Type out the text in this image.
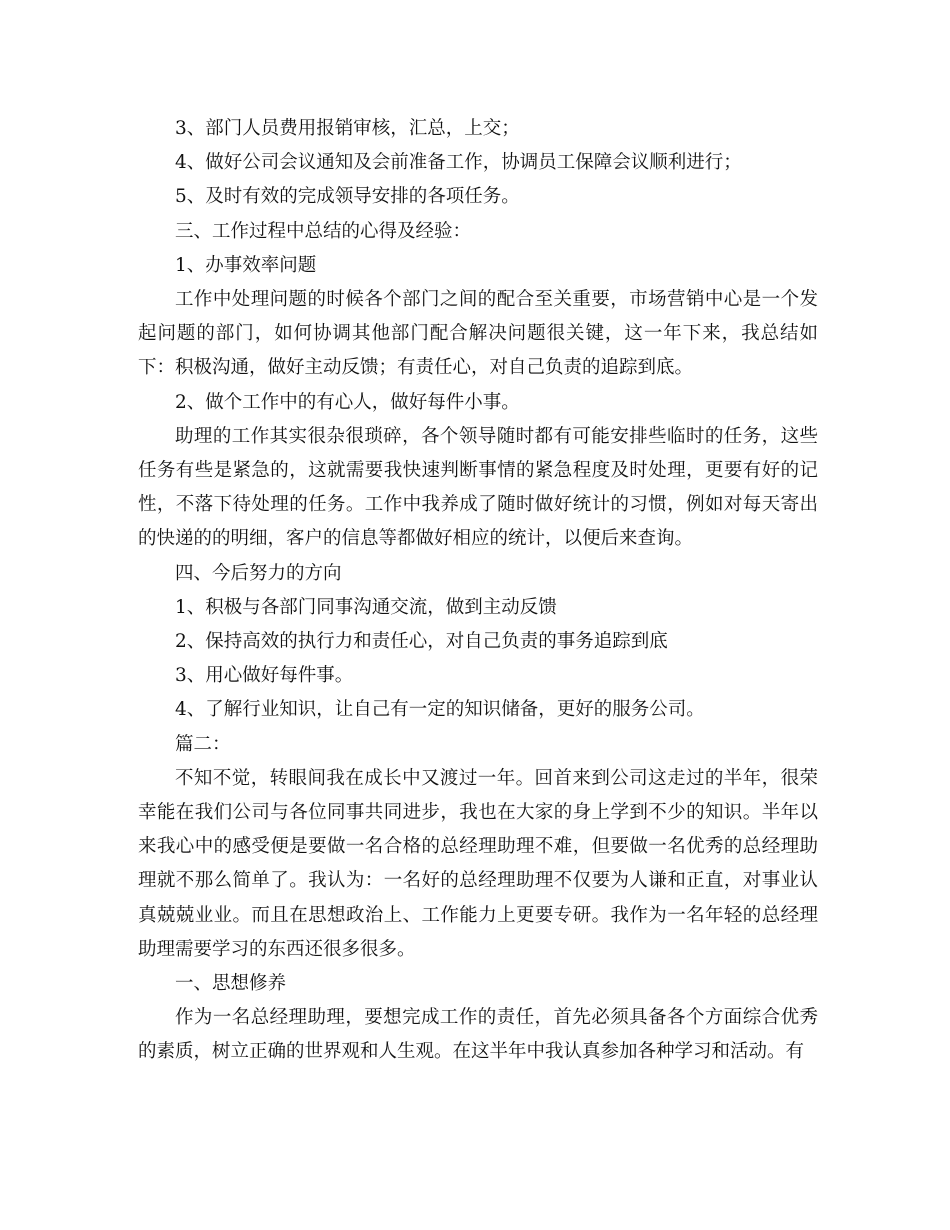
3、部门人员费用报销审核，汇总，上交；

4、做好公司会议通知及会前准备工作，协调员工保障会议顺利进行；

5、及时有效的完成领导安排的各项任务。

三、工作过程中总结的心得及经验：

1、办事效率问题

工作中处理问题的时候各个部门之间的配合至关重要，市场营销中心是一个发起问题的部门，如何协调其他部门配合解决问题很关键，这一年下来，我总结如下：积极沟通，做好主动反馈；有责任心，对自己负责的追踪到底。

2、做个工作中的有心人，做好每件小事。

助理的工作其实很杂很琐碎，各个领导随时都有可能安排些临时的任务，这些任务有些是紧急的，这就需要我快速判断事情的紧急程度及时处理，更要有好的记性，不落下待处理的任务。工作中我养成了随时做好统计的习惯，例如对每天寄出的快递的的明细，客户的信息等都做好相应的统计，以便后来查询。

四、今后努力的方向

1、积极与各部门同事沟通交流，做到主动反馈

2、保持高效的执行力和责任心，对自己负责的事务追踪到底

3、用心做好每件事。

4、了解行业知识，让自己有一定的知识储备，更好的服务公司。

篇二：

不知不觉，转眼间我在成长中又渡过一年。回首来到公司这走过的半年，很荣幸能在我们公司与各位同事共同进步，我也在大家的身上学到不少的知识。半年以来我心中的感受便是要做一名合格的总经理助理不难，但要做一名优秀的总经理助理就不那么简单了。我认为：一名好的总经理助理不仅要为人谦和正直，对事业认真兢兢业业。而且在思想政治上、工作能力上更要专研。我作为一名年轻的总经理助理需要学习的东西还很多很多。

一、思想修养

作为一名总经理助理，要想完成工作的责任，首先必须具备各个方面综合优秀的素质，树立正确的世界观和人生观。在这半年中我认真参加各种学习和活动。有
